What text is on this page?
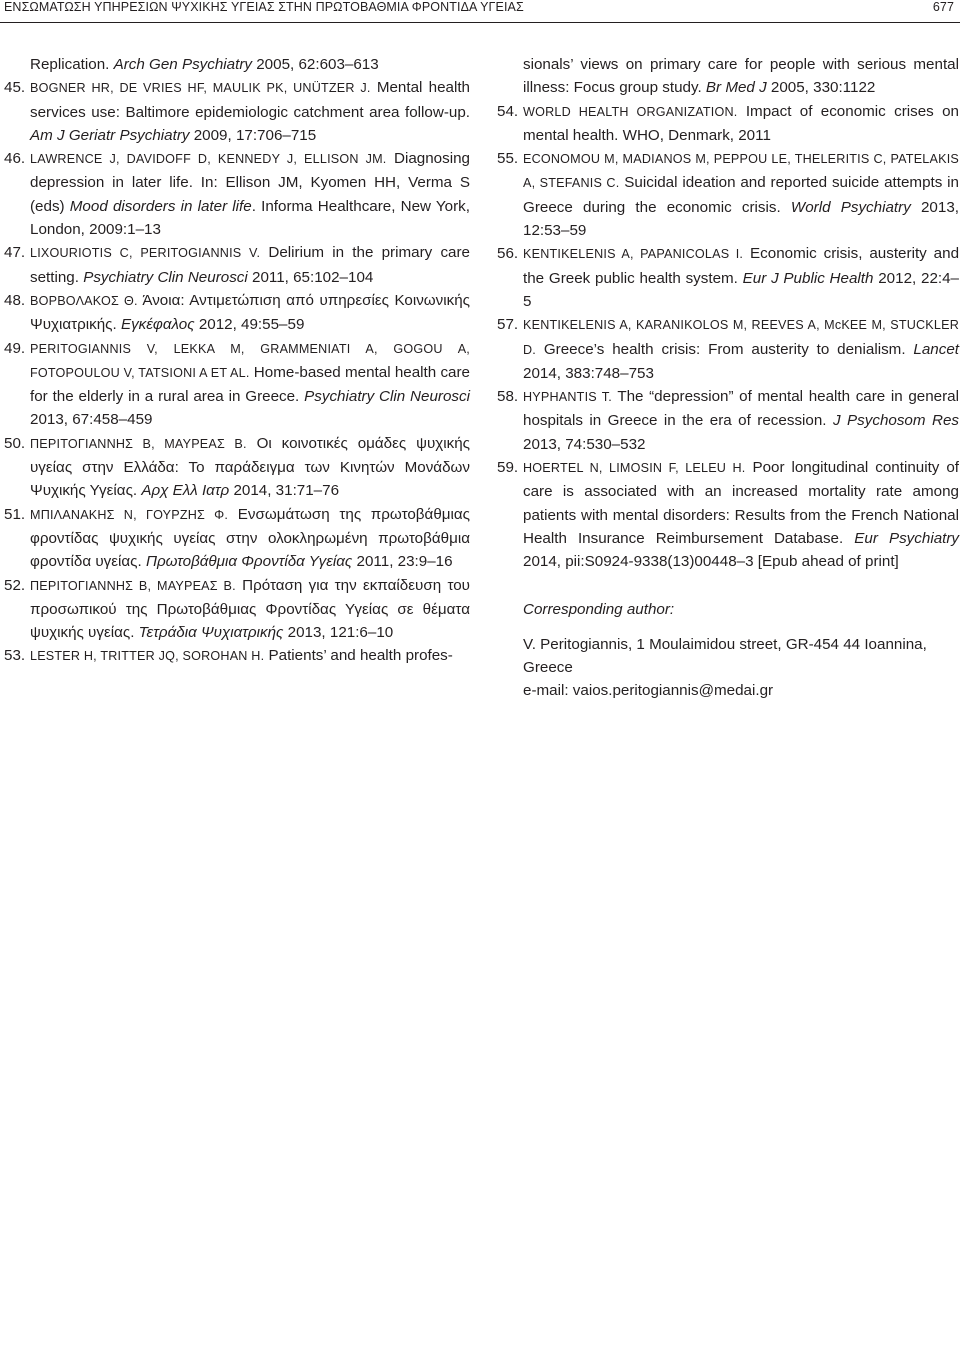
ΕΝΣΩΜΑΤΩΣΗ ΥΠΗΡΕΣΙΩΝ ΨΥΧΙΚΗΣ ΥΓΕΙΑΣ ΣΤΗΝ ΠΡΩΤΟΒΑΘΜΙΑ ΦΡΟΝΤΙΔΑ ΥΓΕΙΑΣ	677
Replication. Arch Gen Psychiatry 2005, 62:603–613
45. BOGNER HR, DE VRIES HF, MAULIK PK, UNÜTZER J. Mental health services use: Baltimore epidemiologic catchment area follow-up. Am J Geriatr Psychiatry 2009, 17:706–715
46. LAWRENCE J, DAVIDOFF D, KENNEDY J, ELLISON JM. Diagnosing depression in later life. In: Ellison JM, Kyomen HH, Verma S (eds) Mood disorders in later life. Informa Healthcare, New York, London, 2009:1–13
47. LIXOURIOTIS C, PERITOGIANNIS V. Delirium in the primary care setting. Psychiatry Clin Neurosci 2011, 65:102–104
48. ΒΟΡΒΟΛΑΚΟΣ Θ. Άνοια: Αντιμετώπιση από υπηρεσίες Κοινωνικής Ψυχιατρικής. Εγκέφαλος 2012, 49:55–59
49. PERITOGIANNIS V, LEKKA M, GRAMMENIATI A, GOGOU A, FOTOPOULOU V, TATSIONI A ET AL. Home-based mental health care for the elderly in a rural area in Greece. Psychiatry Clin Neurosci 2013, 67:458–459
50. ΠΕΡΙΤΟΓΙΑΝΝΗΣ Β, ΜΑΥΡΕΑΣ Β. Οι κοινοτικές ομάδες ψυχικής υγείας στην Ελλάδα: Το παράδειγμα των Κινητών Μονάδων Ψυχικής Υγείας. Αρχ Ελλ Ιατρ 2014, 31:71–76
51. ΜΠΙΛΑΝΑΚΗΣ Ν, ΓΟΥΡΖΗΣ Φ. Ενσωμάτωση της πρωτοβάθμιας φροντίδας ψυχικής υγείας στην ολοκληρωμένη πρωτοβάθμια φροντίδα υγείας. Πρωτοβάθμια Φροντίδα Υγείας 2011, 23:9–16
52. ΠΕΡΙΤΟΓΙΑΝΝΗΣ Β, ΜΑΥΡΕΑΣ Β. Πρόταση για την εκπαίδευση του προσωπικού της Πρωτοβάθμιας Φροντίδας Υγείας σε θέματα ψυχικής υγείας. Τετράδια Ψυχιατρικής 2013, 121:6–10
53. LESTER H, TRITTER JQ, SOROHAN H. Patients’ and health profes-
sionals’ views on primary care for people with serious mental illness: Focus group study. Br Med J 2005, 330:1122
54. WORLD HEALTH ORGANIZATION. Impact of economic crises on mental health. WHO, Denmark, 2011
55. ECONOMOU M, MADIANOS M, PEPPOU LE, THELERITIS C, PATELAKIS A, STEFANIS C. Suicidal ideation and reported suicide attempts in Greece during the economic crisis. World Psychiatry 2013, 12:53–59
56. KENTIKELENIS A, PAPANICOLAS I. Economic crisis, austerity and the Greek public health system. Eur J Public Health 2012, 22:4–5
57. KENTIKELENIS A, KARANIKOLOS M, REEVES A, McKEE M, STUCKLER D. Greece’s health crisis: From austerity to denialism. Lancet 2014, 383:748–753
58. HYPHANTIS T. The “depression” of mental health care in general hospitals in Greece in the era of recession. J Psychosom Res 2013, 74:530–532
59. HOERTEL N, LIMOSIN F, LELEU H. Poor longitudinal continuity of care is associated with an increased mortality rate among patients with mental disorders: Results from the French National Health Insurance Reimbursement Database. Eur Psychiatry 2014, pii:S0924-9338(13)00448–3 [Epub ahead of print]
Corresponding author:
V. Peritogiannis, 1 Moulaimidou street, GR-454 44 Ioannina, Greece
e-mail: vaios.peritogiannis@medai.gr
